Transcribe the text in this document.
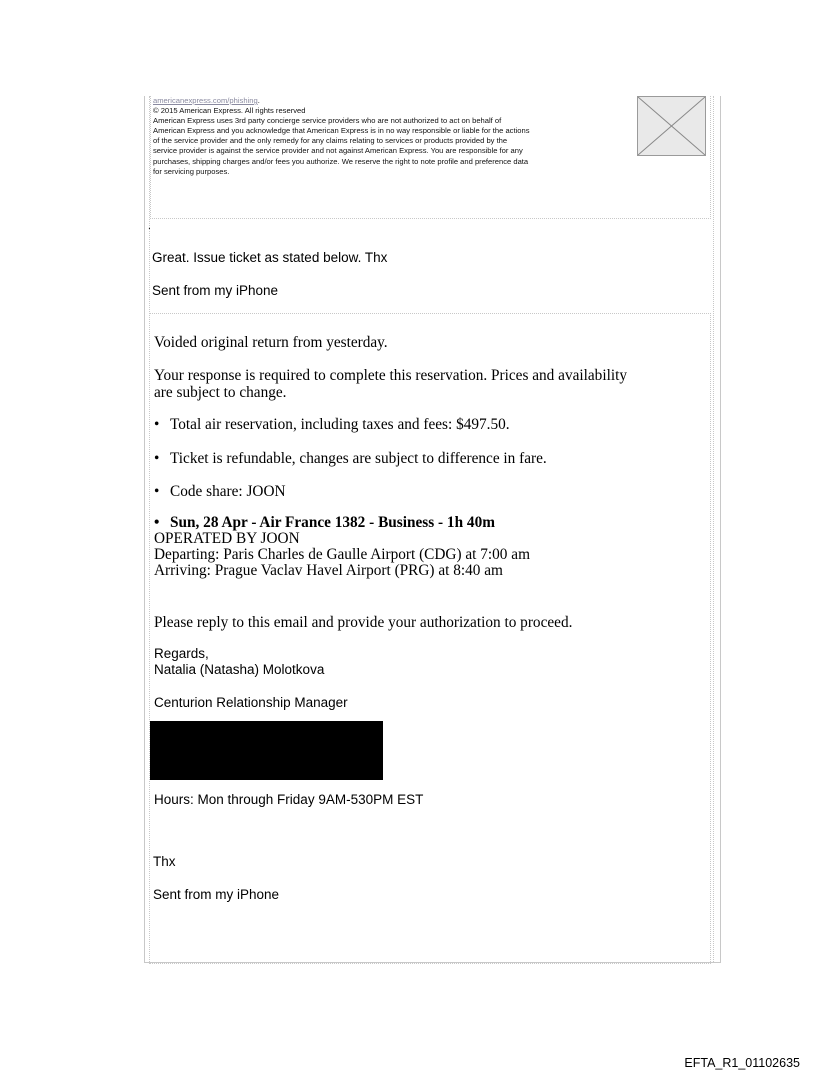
americanexpress.com/phishing.
© 2015 American Express. All rights reserved
American Express uses 3rd party concierge service providers who are not authorized to act on behalf of
American Express and you acknowledge that American Express is in no way responsible or liable for the actions
of the service provider and the only remedy for any claims relating to services or products provided by the
service provider is against the service provider and not against American Express. You are responsible for any
purchases, shipping charges and/or fees you authorize. We reserve the right to note profile and preference data
for servicing purposes.
.
Great. Issue ticket as stated below. Thx
Sent from my iPhone
Voided original return from yesterday.
Your response is required to complete this reservation. Prices and availability
are subject to change.
• Total air reservation, including taxes and fees: $497.50.
• Ticket is refundable, changes are subject to difference in fare.
• Code share: JOON
• Sun, 28 Apr - Air France 1382 - Business - 1h 40m
OPERATED BY JOON
Departing: Paris Charles de Gaulle Airport (CDG) at 7:00 am
Arriving: Prague Vaclav Havel Airport (PRG) at 8:40 am
Please reply to this email and provide your authorization to proceed.
Regards,
Natalia (Natasha) Molotkova
Centurion Relationship Manager
Hours: Mon through Friday 9AM-530PM EST
Thx
Sent from my iPhone
EFTA_R1_01102635
